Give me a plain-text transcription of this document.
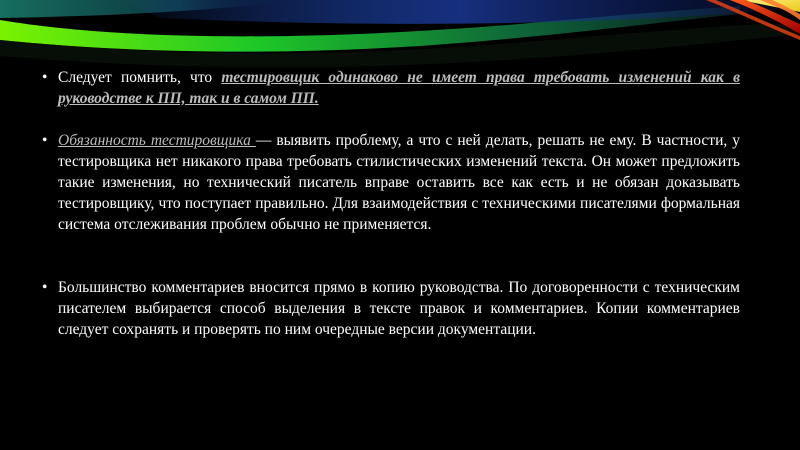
• Следует помнить, что тестировщик одинаково не имеет права требовать изменений как в руководстве к ПП, так и в самом ПП.

• Обязанность тестировщика — выявить проблему, а что с ней делать, решать не ему. В частности, у тестировщика нет никакого права требовать стилистических изменений текста. Он может предложить такие изменения, но технический писатель вправе оставить все как есть и не обязан доказывать тестировщику, что поступает правильно. Для взаимодействия с техническими писателями формальная система отслеживания проблем обычно не применяется.

• Большинство комментариев вносится прямо в копию руководства. По договоренности с техническим писателем выбирается способ выделения в тексте правок и комментариев. Копии комментариев следует сохранять и проверять по ним очередные версии документации.
